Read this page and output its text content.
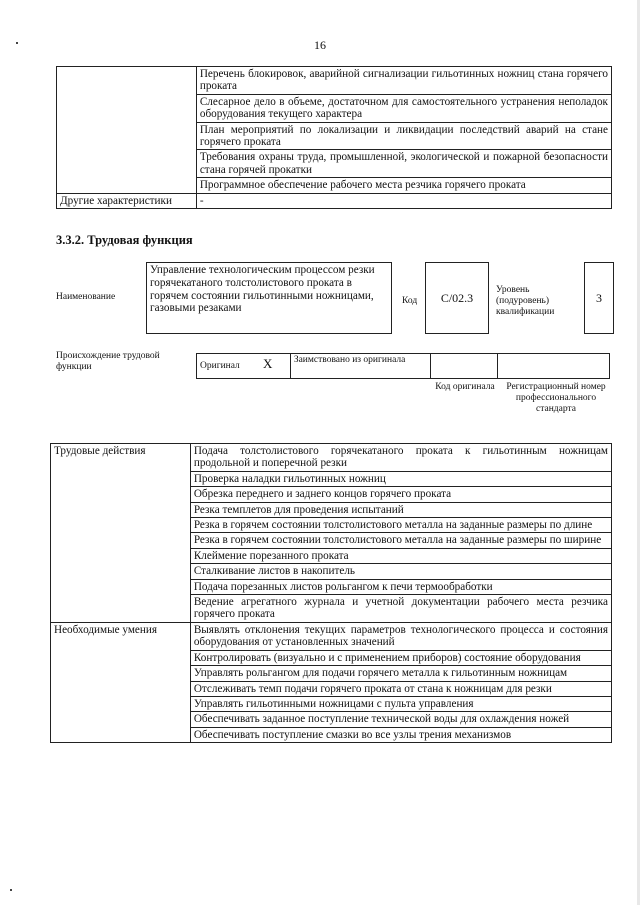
16
	Перечень блокировок, аварийной сигнализации гильотинных ножниц стана горячего проката
	Слесарное дело в объеме, достаточном для самостоятельного устранения неполадок оборудования текущего характера
	План мероприятий по локализации и ликвидации последствий аварий на стане горячего проката
	Требования охраны труда, промышленной, экологической и пожарной безопасности стана горячей прокатки
	Программное обеспечение рабочего места резчика горячего проката
Другие характеристики	-
3.3.2. Трудовая функция
Наименование
Управление технологическим процессом резки горячекатаного толстолистового проката в горячем состоянии гильотинными ножницами, газовыми резаками
Код	C/02.3
Уровень (подуровень) квалификации
3
Происхождение трудовой функции	Оригинал X	Заимствовано из оригинала		
Код оригинала	Регистрационный номер профессионального стандарта
Трудовые действия	Подача толстолистового горячекатаного проката к гильотинным ножницам продольной и поперечной резки
	Проверка наладки гильотинных ножниц
	Обрезка переднего и заднего концов горячего проката
	Резка темплетов для проведения испытаний
	Резка в горячем состоянии толстолистового металла на заданные размеры по длине
	Резка в горячем состоянии толстолистового металла на заданные размеры по ширине
	Клеймение порезанного проката
	Сталкивание листов в накопитель
	Подача порезанных листов рольгангом к печи термообработки
	Ведение агрегатного журнала и учетной документации рабочего места резчика горячего проката
Необходимые умения	Выявлять отклонения текущих параметров технологического процесса и состояния оборудования от установленных значений
	Контролировать (визуально и с применением приборов) состояние оборудования
	Управлять рольгангом для подачи горячего металла к гильотинным ножницам
	Отслеживать темп подачи горячего проката от стана к ножницам для резки
	Управлять гильотинными ножницами с пульта управления
	Обеспечивать заданное поступление технической воды для охлаждения ножей
	Обеспечивать поступление смазки во все узлы трения механизмов
